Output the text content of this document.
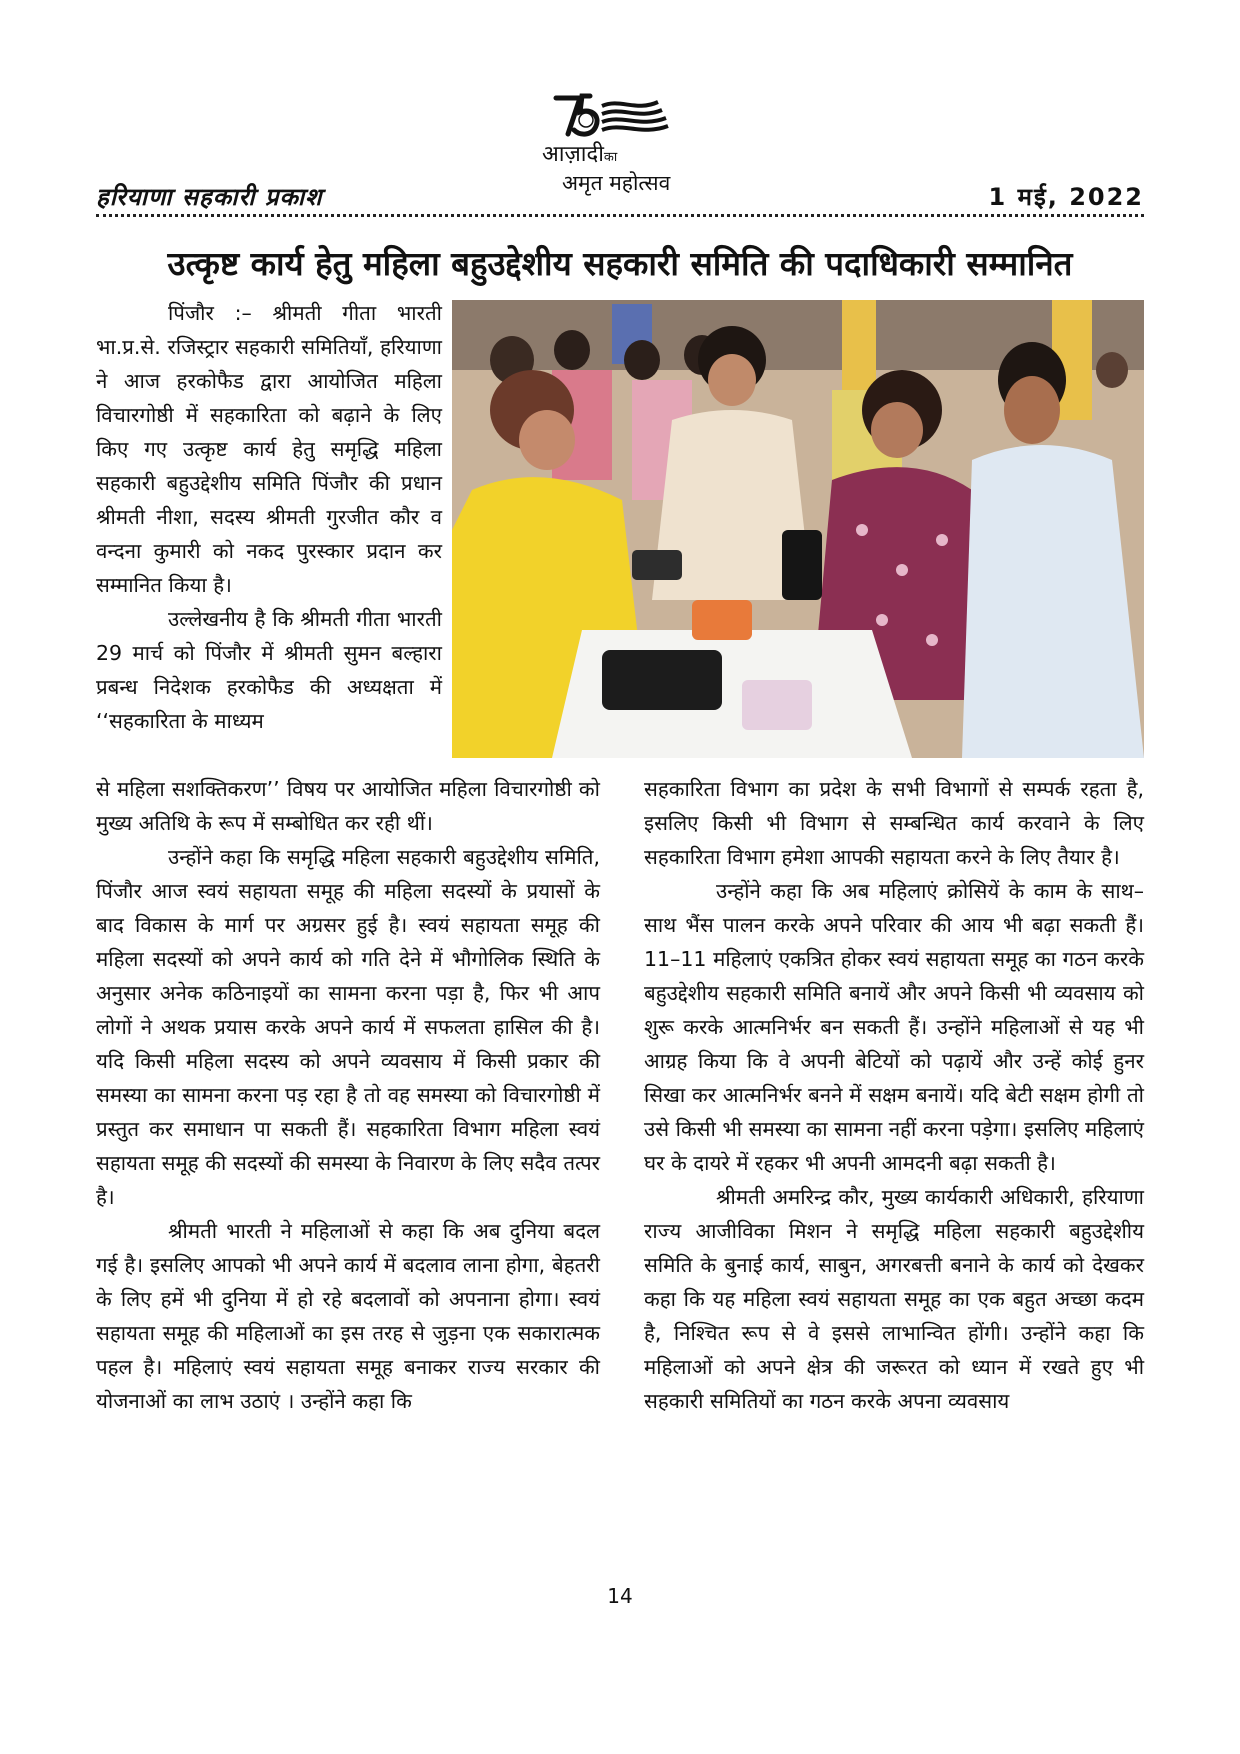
आज़ादीका
अमृत महोत्सव
हरियाणा सहकारी प्रकाश	1 मई, 2022
उत्कृष्ट कार्य हेतु महिला बहुउद्देशीय सहकारी समिति की पदाधिकारी सम्मानित

पिंजौर :– श्रीमती गीता भारती भा.प्र.से. रजिस्ट्रार सहकारी समितियाँ, हरियाणा ने आज हरकोफैड द्वारा आयोजित महिला विचारगोष्ठी में सहकारिता को बढ़ाने के लिए किए गए उत्कृष्ट कार्य हेतु समृद्धि महिला सहकारी बहुउद्देशीय समिति पिंजौर की प्रधान श्रीमती नीशा, सदस्य श्रीमती गुरजीत कौर व वन्दना कुमारी को नकद पुरस्कार प्रदान कर सम्मानित किया है।

उल्लेखनीय है कि श्रीमती गीता भारती 29 मार्च को पिंजौर में श्रीमती सुमन बल्हारा प्रबन्ध निदेशक हरकोफैड की अध्यक्षता में ‘‘सहकारिता के माध्यम

से महिला सशक्तिकरण’’ विषय पर आयोजित महिला विचारगोष्ठी को मुख्य अतिथि के रूप में सम्बोधित कर रही थीं।

उन्होंने कहा कि समृद्धि महिला सहकारी बहुउद्देशीय समिति, पिंजौर आज स्वयं सहायता समूह की महिला सदस्यों के प्रयासों के बाद विकास के मार्ग पर अग्रसर हुई है। स्वयं सहायता समूह की महिला सदस्यों को अपने कार्य को गति देने में भौगोलिक स्थिति के अनुसार अनेक कठिनाइयों का सामना करना पड़ा है, फिर भी आप लोगों ने अथक प्रयास करके अपने कार्य में सफलता हासिल की है। यदि किसी महिला सदस्य को अपने व्यवसाय में किसी प्रकार की समस्या का सामना करना पड़ रहा है तो वह समस्या को विचारगोष्ठी में प्रस्तुत कर समाधान पा सकती हैं। सहकारिता विभाग महिला स्वयं सहायता समूह की सदस्यों की समस्या के निवारण के लिए सदैव तत्पर है।

श्रीमती भारती ने महिलाओं से कहा कि अब दुनिया बदल गई है। इसलिए आपको भी अपने कार्य में बदलाव लाना होगा, बेहतरी के लिए हमें भी दुनिया में हो रहे बदलावों को अपनाना होगा। स्वयं सहायता समूह की महिलाओं का इस तरह से जुड़ना एक सकारात्मक पहल है। महिलाएं स्वयं सहायता समूह बनाकर राज्य सरकार की योजनाओं का लाभ उठाएं । उन्होंने कहा कि

सहकारिता विभाग का प्रदेश के सभी विभागों से सम्पर्क रहता है, इसलिए किसी भी विभाग से सम्बन्धित कार्य करवाने के लिए सहकारिता विभाग हमेशा आपकी सहायता करने के लिए तैयार है।

उन्होंने कहा कि अब महिलाएं क्रोसियें के काम के साथ–साथ भैंस पालन करके अपने परिवार की आय भी बढ़ा सकती हैं। 11–11 महिलाएं एकत्रित होकर स्वयं सहायता समूह का गठन करके बहुउद्देशीय सहकारी समिति बनायें और अपने किसी भी व्यवसाय को शुरू करके आत्मनिर्भर बन सकती हैं। उन्होंने महिलाओं से यह भी आग्रह किया कि वे अपनी बेटियों को पढ़ायें और उन्हें कोई हुनर सिखा कर आत्मनिर्भर बनने में सक्षम बनायें। यदि बेटी सक्षम होगी तो उसे किसी भी समस्या का सामना नहीं करना पड़ेगा। इसलिए महिलाएं घर के दायरे में रहकर भी अपनी आमदनी बढ़ा सकती है।

श्रीमती अमरिन्द्र कौर, मुख्य कार्यकारी अधिकारी, हरियाणा राज्य आजीविका मिशन ने समृद्धि महिला सहकारी बहुउद्देशीय समिति के बुनाई कार्य, साबुन, अगरबत्ती बनाने के कार्य को देखकर कहा कि यह महिला स्वयं सहायता समूह का एक बहुत अच्छा कदम है, निश्चित रूप से वे इससे लाभान्वित होंगी। उन्होंने कहा कि महिलाओं को अपने क्षेत्र की जरूरत को ध्यान में रखते हुए भी सहकारी समितियों का गठन करके अपना व्यवसाय

14
